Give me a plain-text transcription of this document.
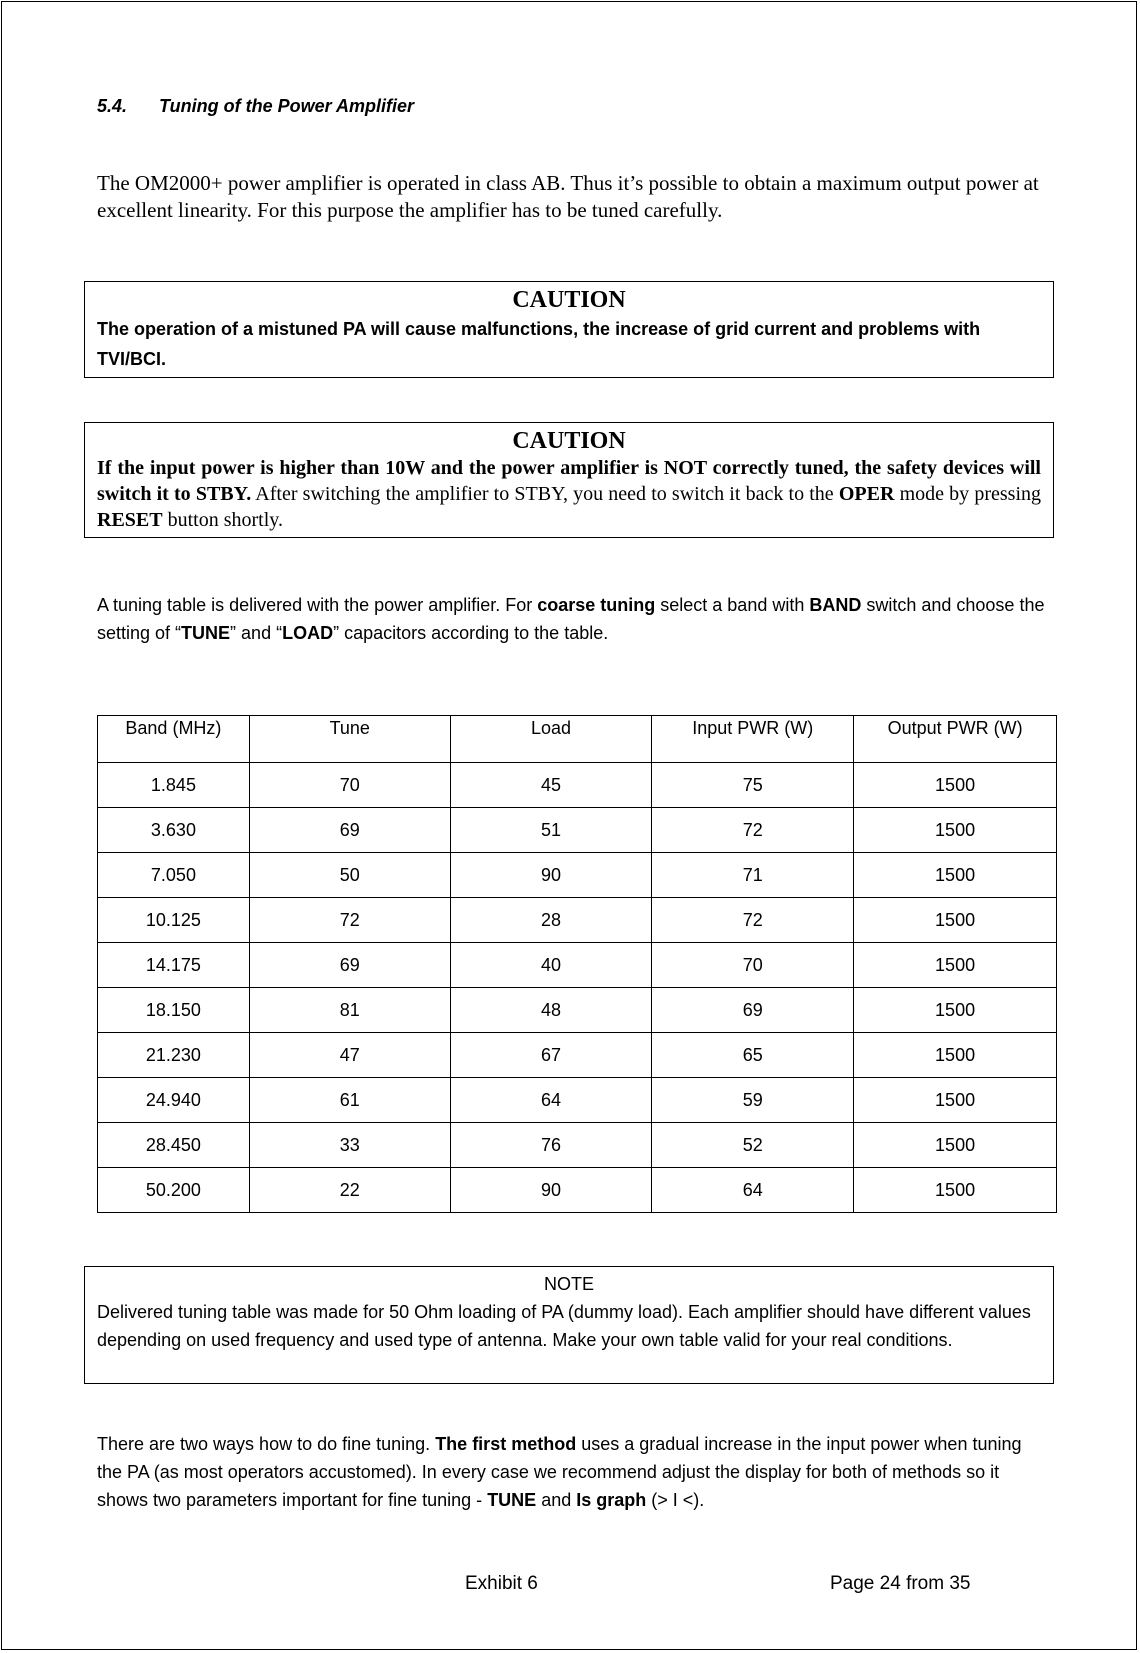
5.4. Tuning of the Power Amplifier
The OM2000+ power amplifier is operated in class AB. Thus it’s possible to obtain a maximum output power at excellent linearity. For this purpose the amplifier has to be tuned carefully.
CAUTION
The operation of a mistuned PA will cause malfunctions, the increase of grid current and problems with TVI/BCI.
CAUTION
If the input power is higher than 10W and the power amplifier is NOT correctly tuned, the safety devices will switch it to STBY. After switching the amplifier to STBY, you need to switch it back to the OPER mode by pressing RESET button shortly.
A tuning table is delivered with the power amplifier. For coarse tuning select a band with BAND switch and choose the setting of “TUNE” and “LOAD” capacitors according to the table.
Band (MHz)	Tune	Load	Input PWR (W)	Output PWR (W)
1.845	70	45	75	1500
3.630	69	51	72	1500
7.050	50	90	71	1500
10.125	72	28	72	1500
14.175	69	40	70	1500
18.150	81	48	69	1500
21.230	47	67	65	1500
24.940	61	64	59	1500
28.450	33	76	52	1500
50.200	22	90	64	1500
NOTE
Delivered tuning table was made for 50 Ohm loading of PA (dummy load). Each amplifier should have different values depending on used frequency and used type of antenna. Make your own table valid for your real conditions.
There are two ways how to do fine tuning. The first method uses a gradual increase in the input power when tuning the PA (as most operators accustomed). In every case we recommend adjust the display for both of methods so it shows two parameters important for fine tuning - TUNE and Is graph (> I <).
Exhibit 6	Page 24 from 35
